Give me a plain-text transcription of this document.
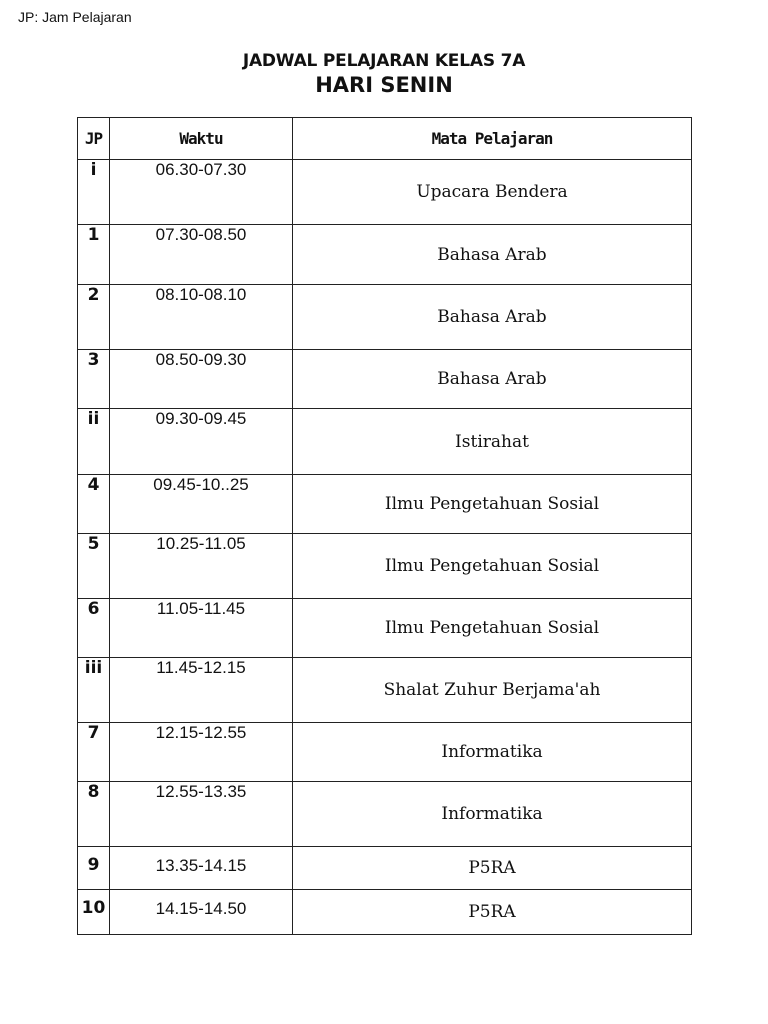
JP: Jam Pelajaran
JADWAL PELAJARAN KELAS 7A
HARI SENIN
JP	Waktu	Mata Pelajaran
i	06.30-07.30	Upacara Bendera
1	07.30-08.50	Bahasa Arab
2	08.10-08.10	Bahasa Arab
3	08.50-09.30	Bahasa Arab
ii	09.30-09.45	Istirahat
4	09.45-10..25	Ilmu Pengetahuan Sosial
5	10.25-11.05	Ilmu Pengetahuan Sosial
6	11.05-11.45	Ilmu Pengetahuan Sosial
iii	11.45-12.15	Shalat Zuhur Berjama'ah
7	12.15-12.55	Informatika
8	12.55-13.35	Informatika
9	13.35-14.15	P5RA
10	14.15-14.50	P5RA
